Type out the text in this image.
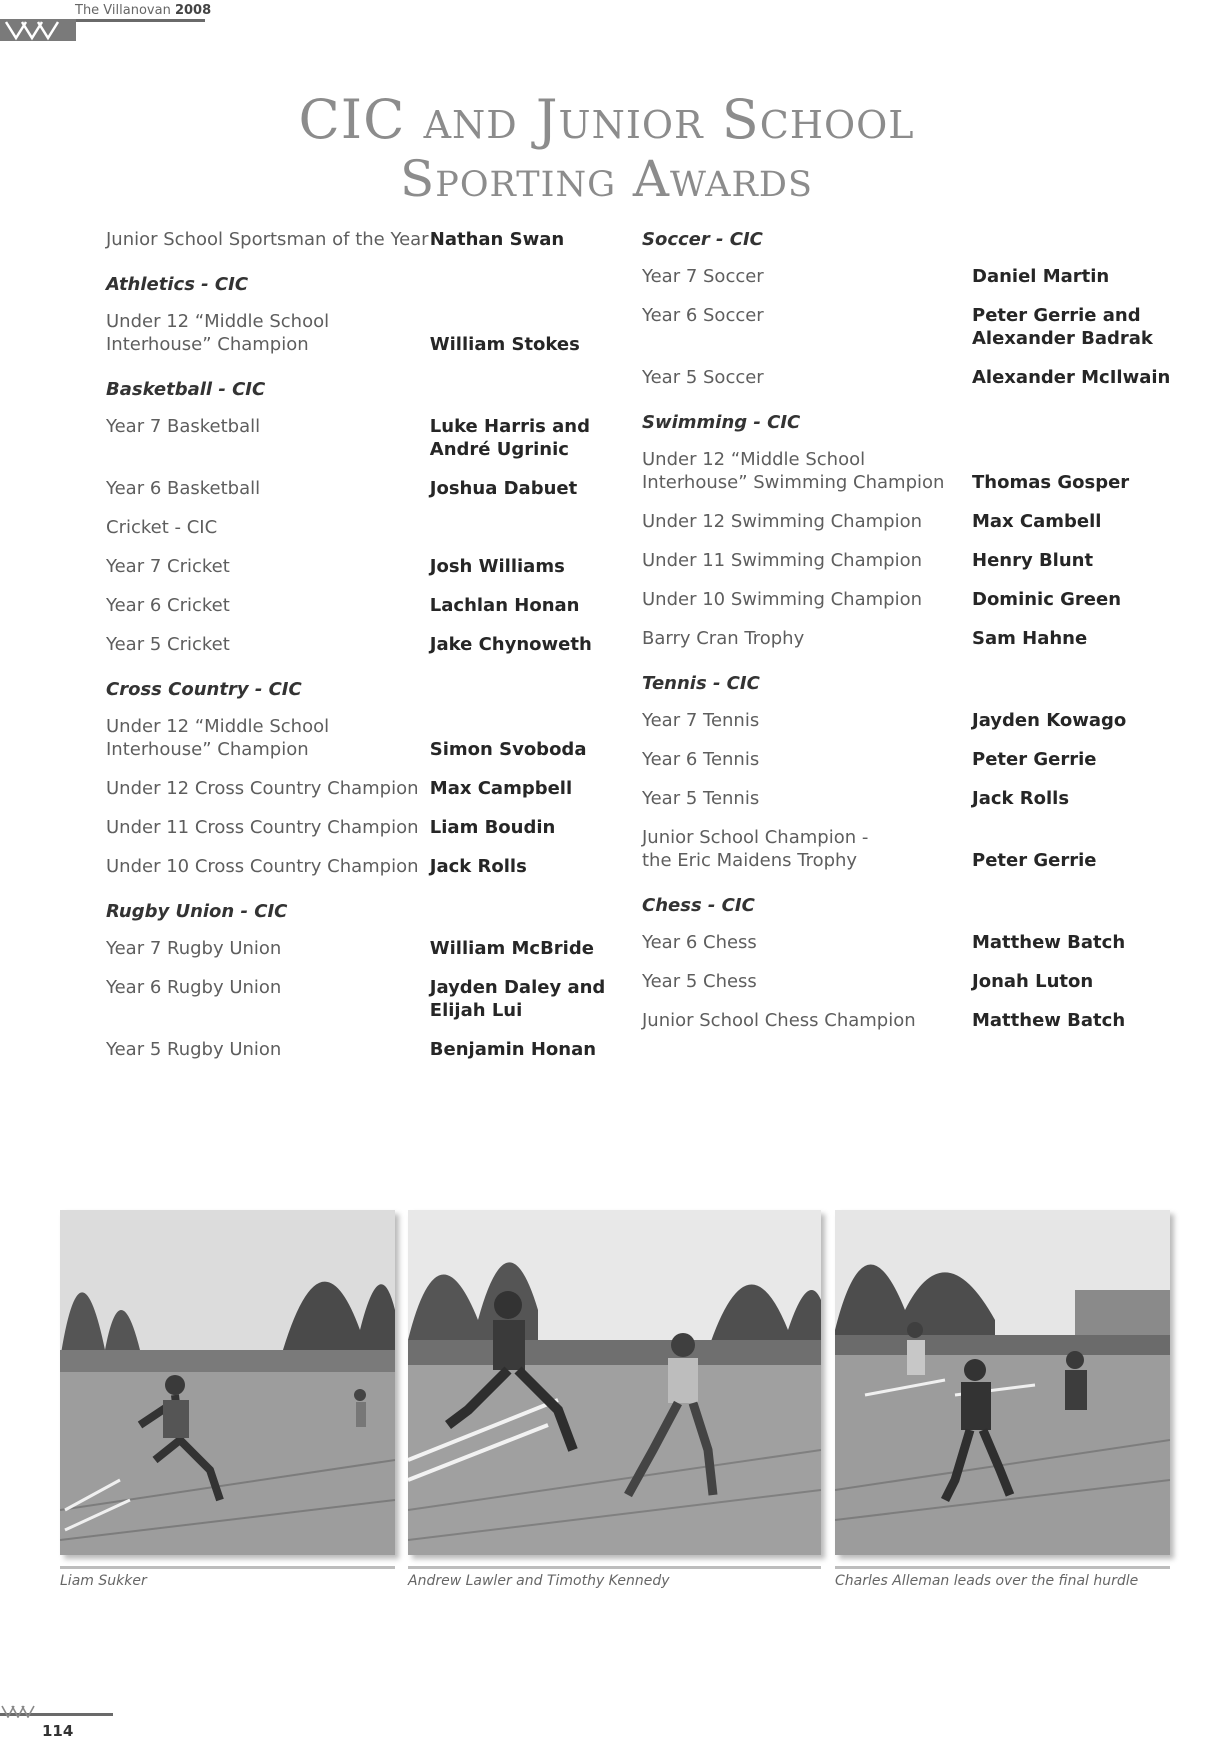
The Villanovan 2008
CIC and Junior School
Sporting Awards
Junior School Sportsman of the Year Nathan Swan
Athletics - CIC
Under 12 “Middle School Interhouse” Champion	William Stokes
Basketball - CIC
Year 7 Basketball	Luke Harris and André Ugrinic
Year 6 Basketball	Joshua Dabuet
Cricket - CIC
Year 7 Cricket	Josh Williams
Year 6 Cricket	Lachlan Honan
Year 5 Cricket	Jake Chynoweth
Cross Country - CIC
Under 12 “Middle School Interhouse” Champion	Simon Svoboda
Under 12 Cross Country Champion Max Campbell
Under 11 Cross Country Champion Liam Boudin
Under 10 Cross Country Champion Jack Rolls
Rugby Union - CIC
Year 7 Rugby Union	William McBride
Year 6 Rugby Union	Jayden Daley and Elijah Lui
Year 5 Rugby Union	Benjamin Honan
Soccer - CIC
Year 7 Soccer	Daniel Martin
Year 6 Soccer	Peter Gerrie and Alexander Badrak
Year 5 Soccer	Alexander McIlwain
Swimming - CIC
Under 12 “Middle School Interhouse” Swimming Champion	Thomas Gosper
Under 12 Swimming Champion	Max Cambell
Under 11 Swimming Champion	Henry Blunt
Under 10 Swimming Champion	Dominic Green
Barry Cran Trophy	Sam Hahne
Tennis - CIC
Year 7 Tennis	Jayden Kowago
Year 6 Tennis	Peter Gerrie
Year 5 Tennis	Jack Rolls
Junior School Champion - the Eric Maidens Trophy	Peter Gerrie
Chess - CIC
Year 6 Chess	Matthew Batch
Year 5 Chess	Jonah Luton
Junior School Chess Champion	Matthew Batch
Liam Sukker	Andrew Lawler and Timothy Kennedy	Charles Alleman leads over the final hurdle
114
